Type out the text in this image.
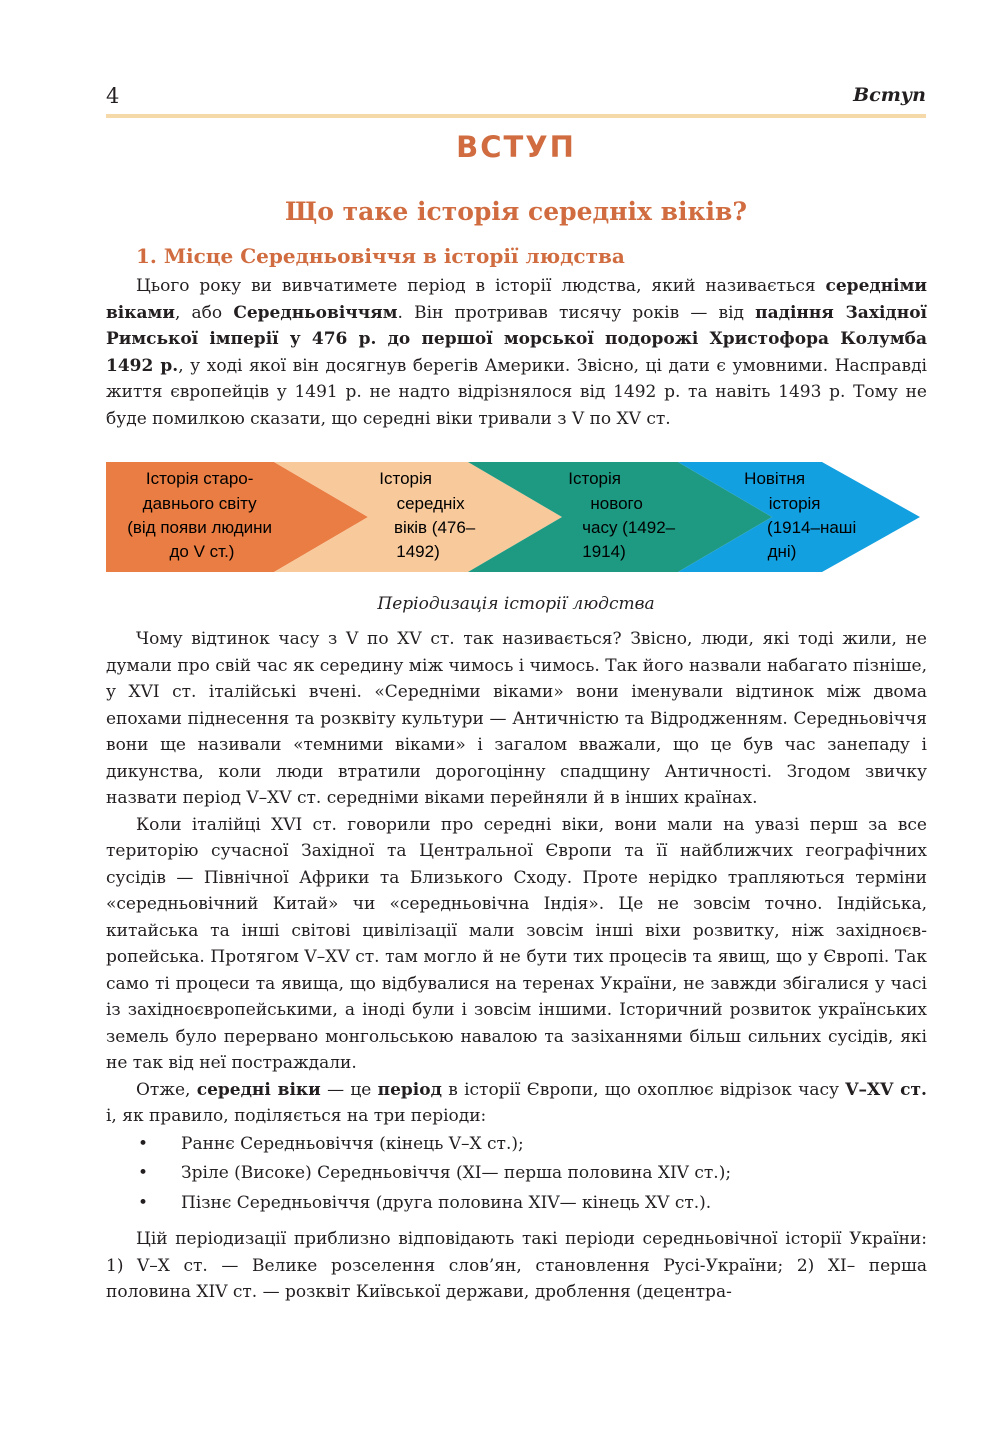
4	Вступ
ВСТУП
Що таке історія середніх віків?
1. Місце Середньовіччя в історії людства

Цього року ви вивчатимете період в історії людства, який називається середніми віками, або Середньовіччям. Він протривав тисячу років — від падіння Західної Римської імперії у 476 р. до першої морської подорожі Христофора Колумба 1492 р., у ході якої він досягнув берегів Америки. Звісно, ці дати є умовними. Насправді життя європейців у 1491 р. не надто відрізнялося від 1492 р. та навіть 1493 р. Тому не буде помилкою сказати, що середні віки тривали з V по XV ст.

Історія старо- давнього світу (від появи людини до V ст.)
Історія середніх віків (476– 1492)
Історія нового часу (1492– 1914)
Новітня історія (1914–наші дні)
Періодизація історії людства

Чому відтинок часу з V по XV ст. так називається? Звісно, люди, які тоді жили, не думали про свій час як середину між чимось і чимось. Так його назвали набагато пізніше, у XVI ст. італійські вчені. «Середніми віками» вони іменували відтинок між двома епохами піднесення та розквіту культури — Античністю та Відродженням. Середньовіччя вони ще називали «темними віками» і загалом вважали, що це був час занепаду і дикунства, коли люди втратили дорогоцінну спадщину Античності. Згодом звичку назвати період V–XV ст. середніми віками перейняли й в інших країнах.

Коли італійці XVI ст. говорили про середні віки, вони мали на увазі перш за все територію сучасної Західної та Центральної Європи та її найближчих географічних сусідів — Північної Африки та Близького Сходу. Проте нерідко трапляються терміни «середньовічний Китай» чи «середньовічна Індія». Це не зовсім точно. Індійська, китайська та інші світові цивілізації мали зовсім інші віхи розвитку, ніж західноєвропейська. Протягом V–XV ст. там могло й не бути тих процесів та явищ, що у Європі. Так само ті процеси та явища, що відбувалися на теренах України, не завжди збігалися у часі із західноєвропейськими, а іноді були і зовсім іншими. Історичний розвиток українських земель було перервано монгольською навалою та зазіханнями більш сильних сусідів, які не так від неї постраждали.

Отже, середні віки — це період в історії Європи, що охоплює відрізок часу V–XV ст. і, як правило, поділяється на три періоди:

• Раннє Середньовіччя (кінець V–X ст.);
• Зріле (Високе) Середньовіччя (XI— перша половина XIV ст.);
• Пізнє Середньовіччя (друга половина XIV— кінець XV ст.).

Цій періодизації приблизно відповідають такі періоди середньовічної історії України: 1) V–X ст. — Велике розселення слов’ян, становлення Русі-України; 2) XI– перша половина XIV ст. — розквіт Київської держави, дроблення (децентра-
